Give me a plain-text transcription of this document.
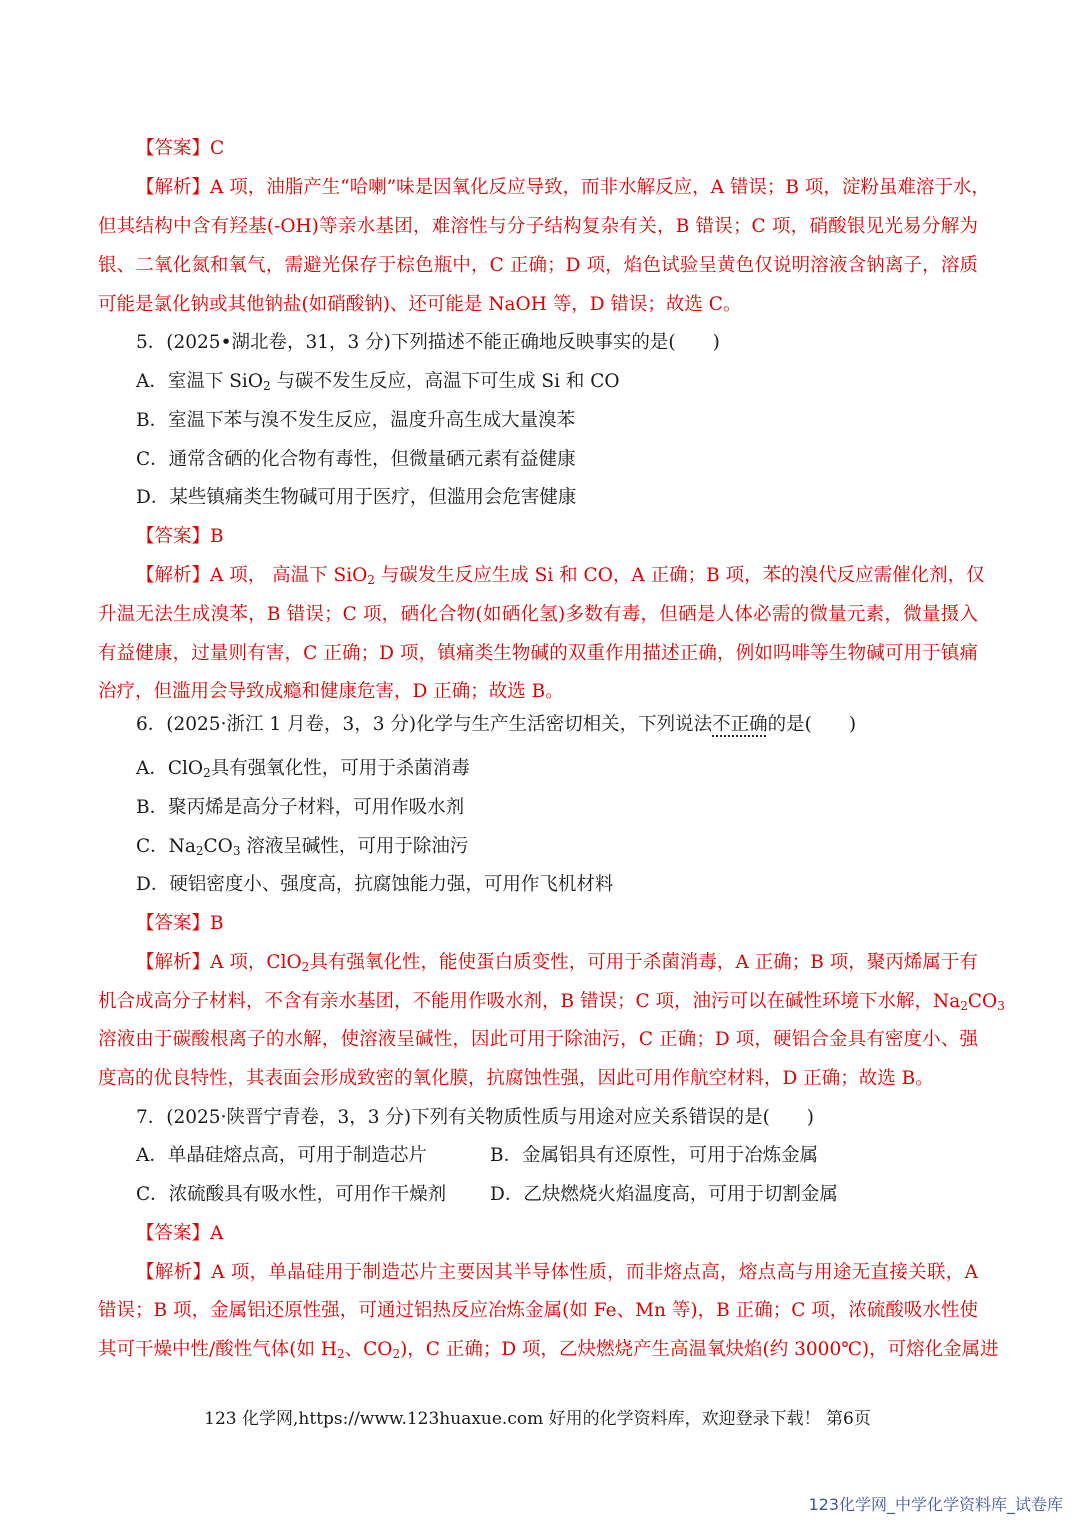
【答案】C
【解析】A 项，油脂产生“哈喇”味是因氧化反应导致，而非水解反应，A 错误；B 项，淀粉虽难溶于水，
但其结构中含有羟基(-OH)等亲水基团，难溶性与分子结构复杂有关，B 错误；C 项，硝酸银见光易分解为
银、二氧化氮和氧气，需避光保存于棕色瓶中，C 正确；D 项，焰色试验呈黄色仅说明溶液含钠离子，溶质
可能是氯化钠或其他钠盐(如硝酸钠)、还可能是 NaOH 等，D 错误；故选 C。
5．(2025•湖北卷，31，3 分)下列描述不能正确地反映事实的是(　　)
A．室温下 SiO$_2$ 与碳不发生反应，高温下可生成 Si 和 CO
B．室温下苯与溴不发生反应，温度升高生成大量溴苯
C．通常含硒的化合物有毒性，但微量硒元素有益健康
D．某些镇痛类生物碱可用于医疗，但滥用会危害健康
【答案】B
【解析】A 项， 高温下 SiO$_2$ 与碳发生反应生成 Si 和 CO，A 正确；B 项，苯的溴代反应需催化剂，仅
升温无法生成溴苯，B 错误；C 项，硒化合物(如硒化氢)多数有毒，但硒是人体必需的微量元素，微量摄入
有益健康，过量则有害，C 正确；D 项，镇痛类生物碱的双重作用描述正确，例如吗啡等生物碱可用于镇痛
治疗，但滥用会导致成瘾和健康危害，D 正确；故选 B。
6．(2025·浙江 1 月卷，3，3 分)化学与生产生活密切相关，下列说法不正确的是(　　)
A．ClO$_2$具有强氧化性，可用于杀菌消毒
B．聚丙烯是高分子材料，可用作吸水剂
C．$Na_2CO_3$ 溶液呈碱性，可用于除油污
D．硬铝密度小、强度高，抗腐蚀能力强，可用作飞机材料
【答案】B
【解析】A 项，ClO$_2$具有强氧化性，能使蛋白质变性，可用于杀菌消毒，A 正确；B 项，聚丙烯属于有
机合成高分子材料，不含有亲水基团，不能用作吸水剂，B 错误；C 项，油污可以在碱性环境下水解，$Na_2CO_3$
溶液由于碳酸根离子的水解，使溶液呈碱性，因此可用于除油污，C 正确；D 项，硬铝合金具有密度小、强
度高的优良特性，其表面会形成致密的氧化膜，抗腐蚀性强，因此可用作航空材料，D 正确；故选 B。
7．(2025·陕晋宁青卷，3，3 分)下列有关物质性质与用途对应关系错误的是(　　)
A．单晶硅熔点高，可用于制造芯片	B．金属铝具有还原性，可用于冶炼金属
C．浓硫酸具有吸水性，可用作干燥剂 D．乙炔燃烧火焰温度高，可用于切割金属
【答案】A
【解析】A 项，单晶硅用于制造芯片主要因其半导体性质，而非熔点高，熔点高与用途无直接关联，A
错误；B 项，金属铝还原性强，可通过铝热反应冶炼金属(如 Fe、Mn 等)，B 正确；C 项，浓硫酸吸水性使
其可干燥中性/酸性气体(如 $H_2$、$CO_2$)，C 正确；D 项，乙炔燃烧产生高温氧炔焰(约 3000℃)，可熔化金属进
123 化学网,https://www.123huaxue.com 好用的化学资料库，欢迎登录下载！ 第6页
123化学网_中学化学资料库_试卷库
